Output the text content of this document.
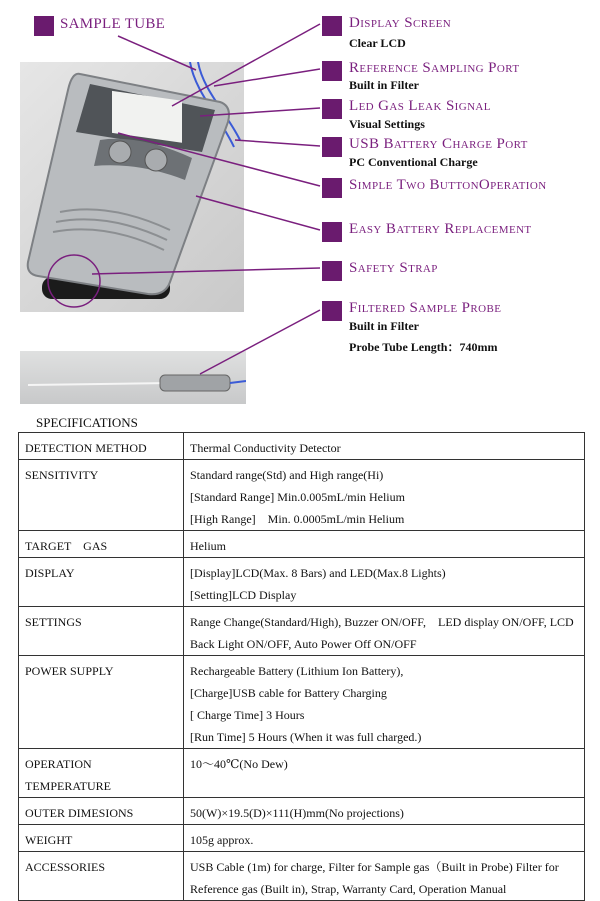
SAMPLE TUBE	Display Screen
Clear LCD
Reference Sampling Port
Built in Filter
Led Gas Leak Signal
Visual Settings
USB Battery Charge Port
PC Conventional Charge
Simple Two ButtonOperation
Easy Battery Replacement
Safety Strap
Filtered Sample Probe
Built in Filter
Probe Tube Length：740mm
SPECIFICATIONS
DETECTION METHOD	Thermal Conductivity Detector

SENSITIVITY	Standard range(Std) and High range(Hi)
[Standard Range] Min.0.005mL/min Helium
[High Range]　Min. 0.0005mL/min Helium

TARGET　GAS	Helium

DISPLAY	[Display]LCD(Max. 8 Bars) and LED(Max.8 Lights)
[Setting]LCD Display

SETTINGS	Range Change(Standard/High), Buzzer ON/OFF,　LED display ON/OFF, LCD Back Light ON/OFF, Auto Power Off ON/OFF

POWER SUPPLY	Rechargeable Battery (Lithium Ion Battery),
[Charge]USB cable for Battery Charging
[ Charge Time] 3 Hours
[Run Time] 5 Hours (When it was full charged.)

OPERATION
TEMPERATURE	10～40℃(No Dew)

OUTER DIMESIONS	50(W)×19.5(D)×111(H)mm(No projections)

WEIGHT	105g approx.

ACCESSORIES	USB Cable (1m) for charge, Filter for Sample gas（Built in Probe) Filter for Reference gas (Built in), Strap, Warranty Card, Operation Manual
